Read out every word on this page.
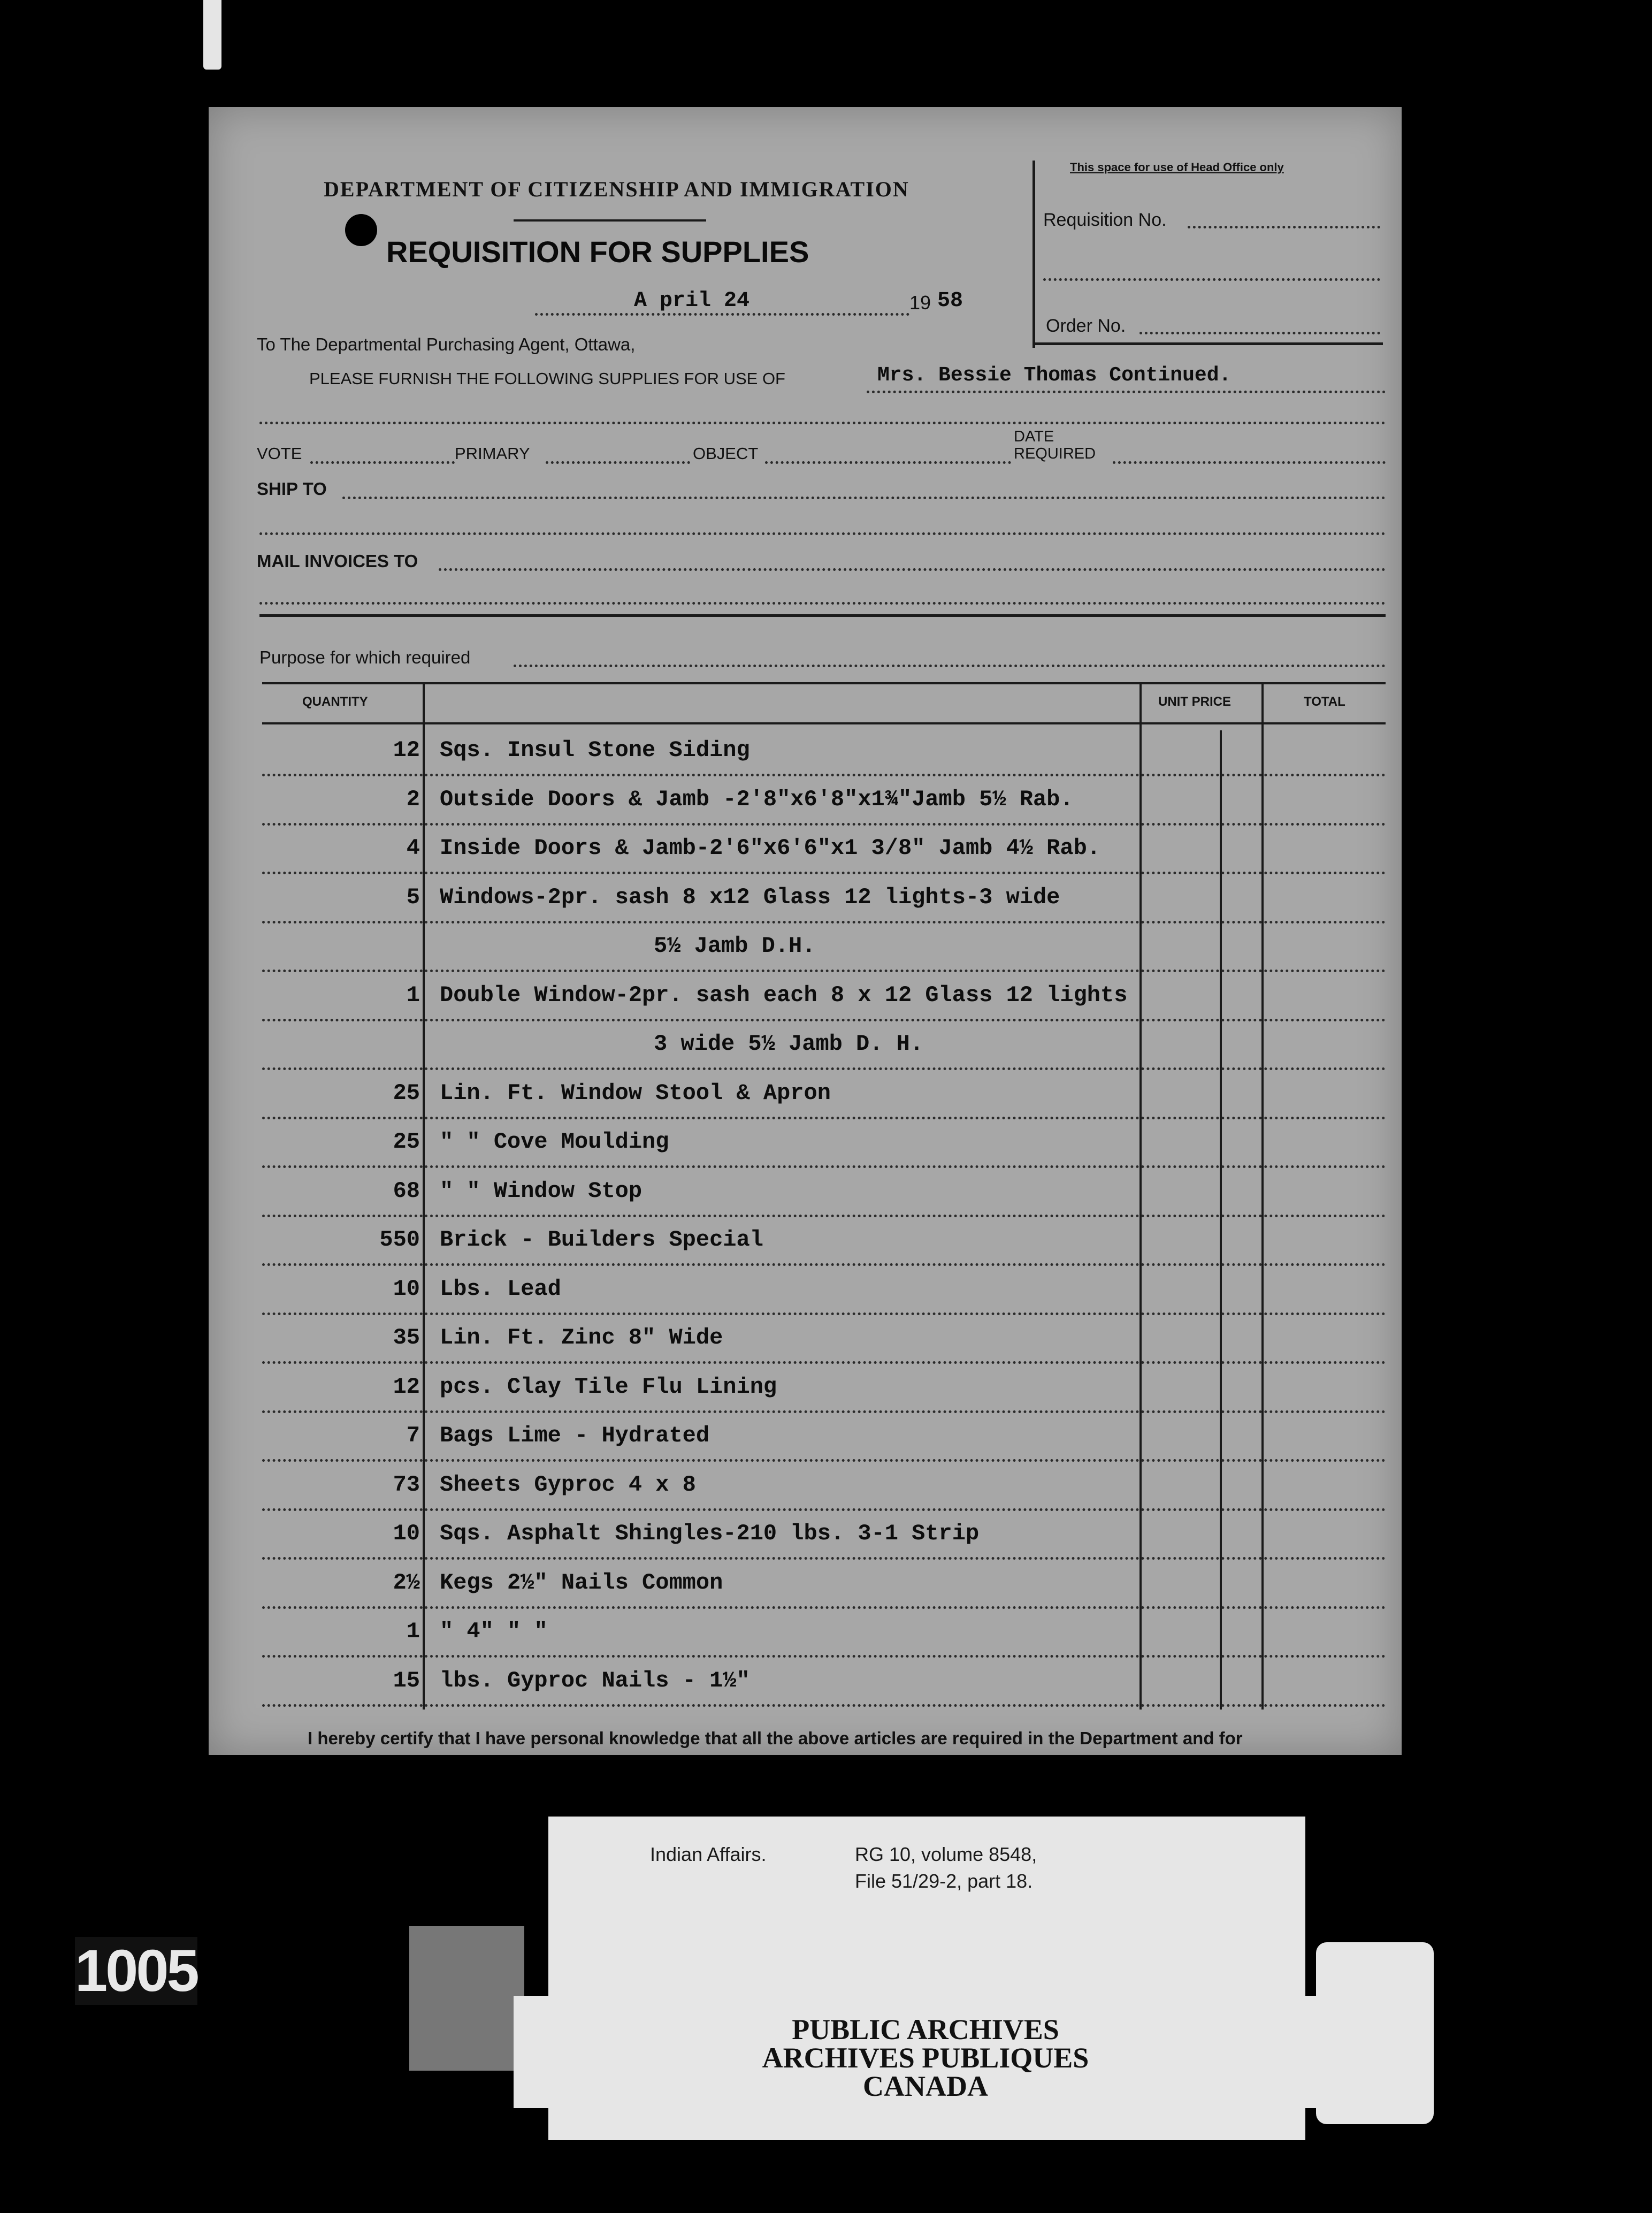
DEPARTMENT OF CITIZENSHIP AND IMMIGRATION
REQUISITION FOR SUPPLIES
This space for use of Head Office only
Requisition No.
Order No.
A pril 24	19 58
To The Departmental Purchasing Agent, Ottawa,
PLEASE FURNISH THE FOLLOWING SUPPLIES FOR USE OF	Mrs. Bessie Thomas Continued.
VOTE	PRIMARY	OBJECT
DATE
REQUIRED
SHIP TO
MAIL INVOICES TO
Purpose for which required
QUANTITY	UNIT PRICE	TOTAL
12 Sqs. Insul Stone Siding
2 Outside Doors & Jamb -2'8"x6'8"x1¾"Jamb 5½ Rab.
4 Inside Doors & Jamb-2'6"x6'6"x1 3/8" Jamb 4½ Rab.
5 Windows-2pr. sash 8 x12 Glass 12 lights-3 wide
5½ Jamb D.H.
1 Double Window-2pr. sash each 8 x 12 Glass 12 lights
3 wide 5½ Jamb D. H.
25 Lin. Ft. Window Stool & Apron
25 " " Cove Moulding
68 " " Window Stop
550 Brick - Builders Special
10 Lbs. Lead
35 Lin. Ft. Zinc 8" Wide
12 pcs. Clay Tile Flu Lining
7 Bags Lime - Hydrated
73 Sheets Gyproc 4 x 8
10 Sqs. Asphalt Shingles-210 lbs. 3-1 Strip
2½ Kegs 2½" Nails Common
1 " 4" " "
15 lbs. Gyproc Nails - 1½"
I hereby certify that I have personal knowledge that all the above articles are required in the Department and for
Indian Affairs.	RG 10, volume 8548,
File 51/29-2, part 18.
PUBLIC ARCHIVES
ARCHIVES PUBLIQUES
CANADA
1005
